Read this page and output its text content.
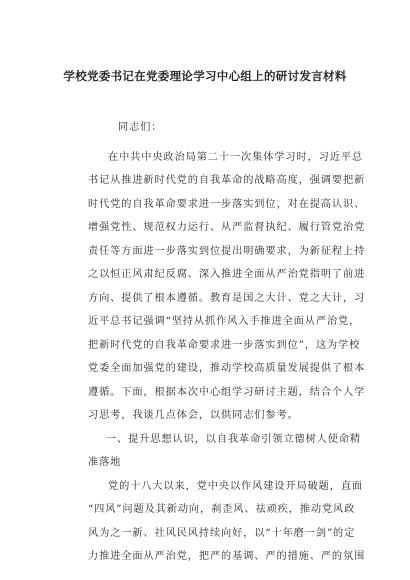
学校党委书记在党委理论学习中心组上的研讨发言材料
同志们：
在中共中央政治局第二十一次集体学习时，习近平总
书记从推进新时代党的自我革命的战略高度，强调要把新
时代党的自我革命要求进一步落实到位，对在提高认识、
增强党性、规范权力运行、从严监督执纪、履行管党治党
责任等方面进一步落实到位提出明确要求，为新征程上持
之以恒正风肃纪反腐、深入推进全面从严治党指明了前进
方向、提供了根本遵循。教育是国之大计、党之大计，习
近平总书记强调“坚持从抓作风入手推进全面从严治党，
把新时代党的自我革命要求进一步落实到位”，这为学校
党委全面加强党的建设，推动学校高质量发展提供了根本
遵循。下面，根据本次中心组学习研讨主题，结合个人学
习思考，我谈几点体会，以供同志们参考。
一、提升思想认识，以自我革命引领立德树人使命精
准落地
党的十八大以来，党中央以作风建设开局破题，直面
“四风”问题及其新动向，刹歪风、祛顽疾，推动党风政
风为之一新、社风民风持续向好，以“十年磨一剑”的定
力推进全面从严治党，把严的基调、严的措施、严的氛围
